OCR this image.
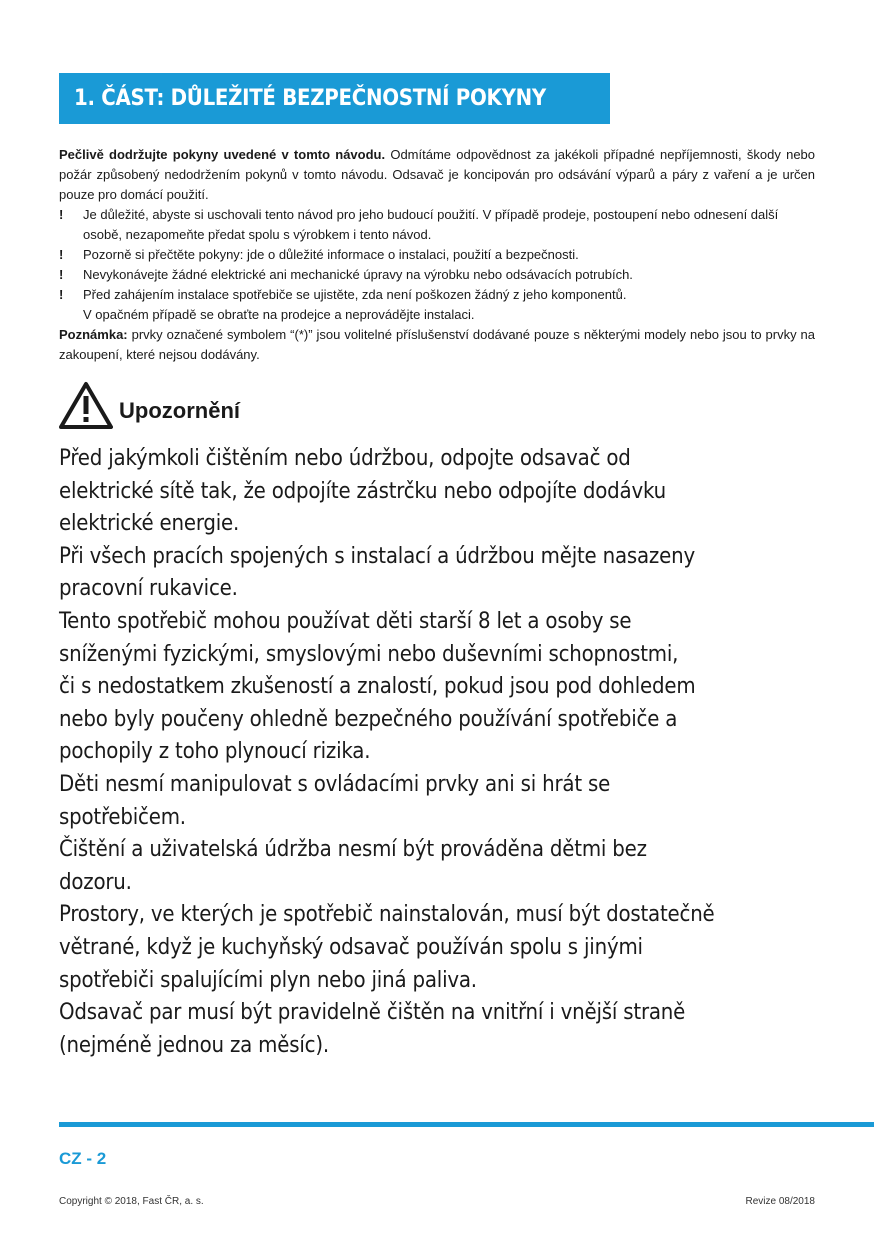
1. ČÁST: DŮLEŽITÉ BEZPEČNOSTNÍ POKYNY

Pečlivě dodržujte pokyny uvedené v tomto návodu. Odmítáme odpovědnost za jakékoli případné nepříjemnosti, škody nebo požár způsobený nedodržením pokynů v tomto návodu. Odsavač je koncipován pro odsávání výparů a páry z vaření a je určen pouze pro domácí použití.

! Je důležité, abyste si uschovali tento návod pro jeho budoucí použití. V případě prodeje, postoupení nebo odnesení další osobě, nezapomeňte předat spolu s výrobkem i tento návod.
! Pozorně si přečtěte pokyny: jde o důležité informace o instalaci, použití a bezpečnosti.
! Nevykonávejte žádné elektrické ani mechanické úpravy na výrobku nebo odsávacích potrubích.
! Před zahájením instalace spotřebiče se ujistěte, zda není poškozen žádný z jeho komponentů.
V opačném případě se obraťte na prodejce a neprovádějte instalaci.

Poznámka: prvky označené symbolem “(*)” jsou volitelné příslušenství dodávané pouze s některými modely nebo jsou to prvky na zakoupení, které nejsou dodávány.

Upozornění

Před jakýmkoli čištěním nebo údržbou, odpojte odsavač od

elektrické sítě tak, že odpojíte zástrčku nebo odpojíte dodávku

elektrické energie.

Při všech pracích spojených s instalací a údržbou mějte nasazeny

pracovní rukavice.

Tento spotřebič mohou používat děti starší 8 let a osoby se

sníženými fyzickými, smyslovými nebo duševními schopnostmi,

či s nedostatkem zkušeností a znalostí, pokud jsou pod dohledem

nebo byly poučeny ohledně bezpečného používání spotřebiče a

pochopily z toho plynoucí rizika.

Děti nesmí manipulovat s ovládacími prvky ani si hrát se

spotřebičem.

Čištění a uživatelská údržba nesmí být prováděna dětmi bez

dozoru.

Prostory, ve kterých je spotřebič nainstalován, musí být dostatečně

větrané, když je kuchyňský odsavač používán spolu s jinými

spotřebiči spalujícími plyn nebo jiná paliva.

Odsavač par musí být pravidelně čištěn na vnitřní i vnější straně

(nejméně jednou za měsíc).

CZ - 2
Copyright © 2018, Fast ČR, a. s.	Revize 08/2018
